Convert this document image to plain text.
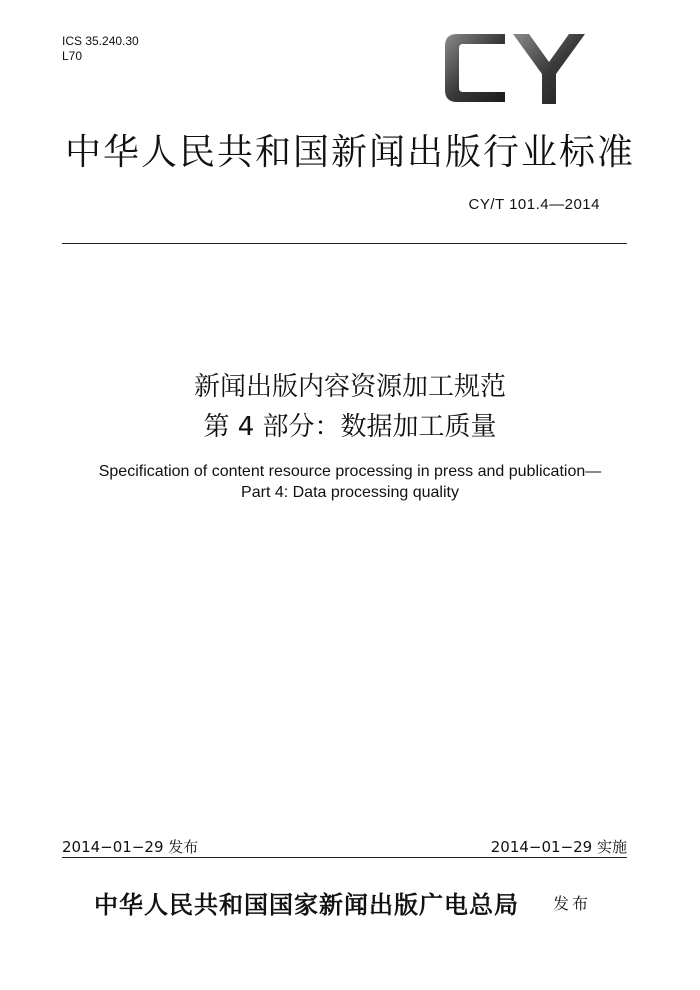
ICS 35.240.30
L70
中华人民共和国新闻出版行业标准
CY/T 101.4—2014
新闻出版内容资源加工规范
第 4 部分：数据加工质量
Specification of content resource processing in press and publication—
Part 4: Data processing quality
2014−01−29 发布	2014−01−29 实施
中华人民共和国国家新闻出版广电总局 发布
